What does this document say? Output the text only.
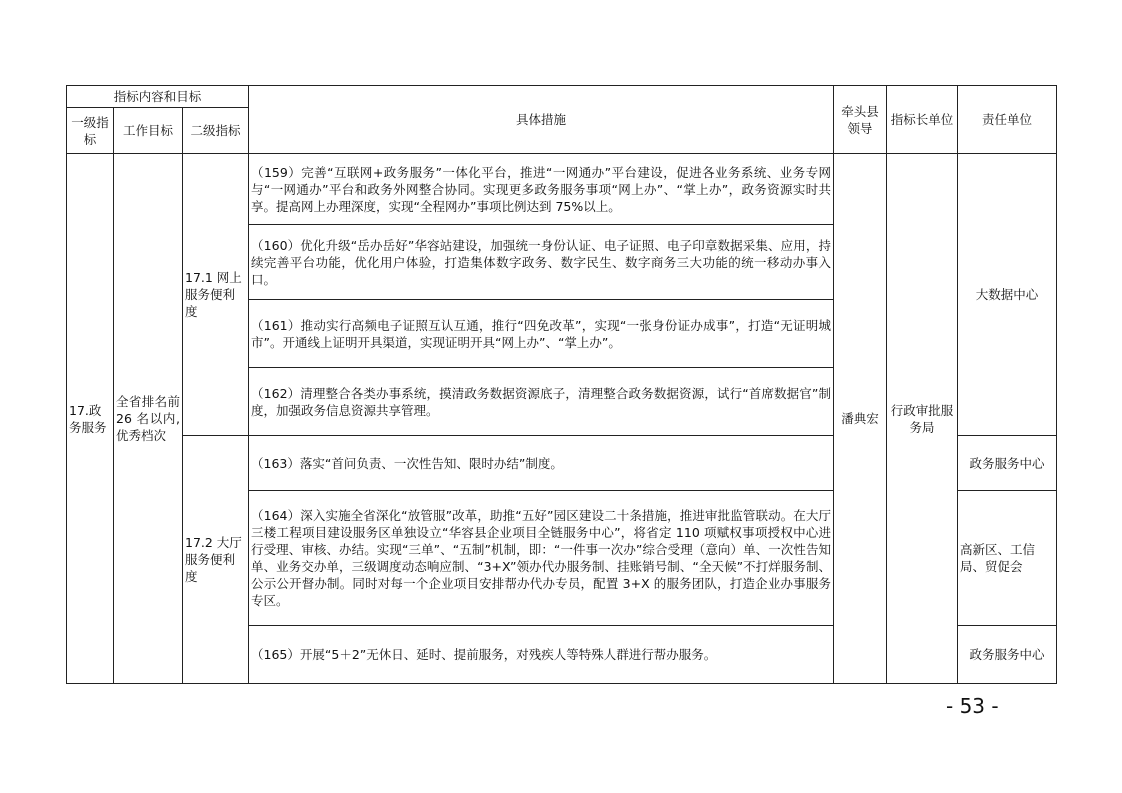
指标内容和目标			具体措施	牵头县领导	指标长单位	责任单位
一级指标	工作目标	二级指标				
17.政务服务	全省排名前 26 名以内,优秀档次	17.1 网上服务便利度	（159）完善“互联网+政务服务”一体化平台，推进“一网通办”平台建设，促进各业务系统、业务专网与“一网通办”平台和政务外网整合协同。实现更多政务服务事项“网上办”、“掌上办”，政务资源实时共享。提高网上办理深度，实现“全程网办”事项比例达到 75%以上。	潘典宏	行政审批服务局	大数据中心
			（160）优化升级“岳办岳好”华容站建设，加强统一身份认证、电子证照、电子印章数据采集、应用，持续完善平台功能，优化用户体验，打造集体数字政务、数字民生、数字商务三大功能的统一移动办事入口。			
			（161）推动实行高频电子证照互认互通，推行“四免改革”，实现“一张身份证办成事”，打造“无证明城市”。开通线上证明开具渠道，实现证明开具“网上办”、“掌上办”。			
			（162）清理整合各类办事系统，摸清政务数据资源底子，清理整合政务数据资源，试行“首席数据官”制度，加强政务信息资源共享管理。			
		17.2 大厅服务便利度	（163）落实“首问负责、一次性告知、限时办结”制度。			政务服务中心
			（164）深入实施全省深化“放管服”改革，助推“五好”园区建设二十条措施，推进审批监管联动。在大厅三楼工程项目建设服务区单独设立“华容县企业项目全链服务中心”，将省定 110 项赋权事项授权中心进行受理、审核、办结。实现“三单”、“五制”机制，即：“一件事一次办”综合受理（意向）单、一次性告知单、业务交办单，三级调度动态响应制、“3+X”领办代办服务制、挂账销号制、“全天候”不打烊服务制、公示公开督办制。同时对每一个企业项目安排帮办代办专员，配置 3+X 的服务团队，打造企业办事服务专区。			高新区、工信局、贸促会
			（165）开展“5＋2”无休日、延时、提前服务，对残疾人等特殊人群进行帮办服务。			政务服务中心
- 53 -
